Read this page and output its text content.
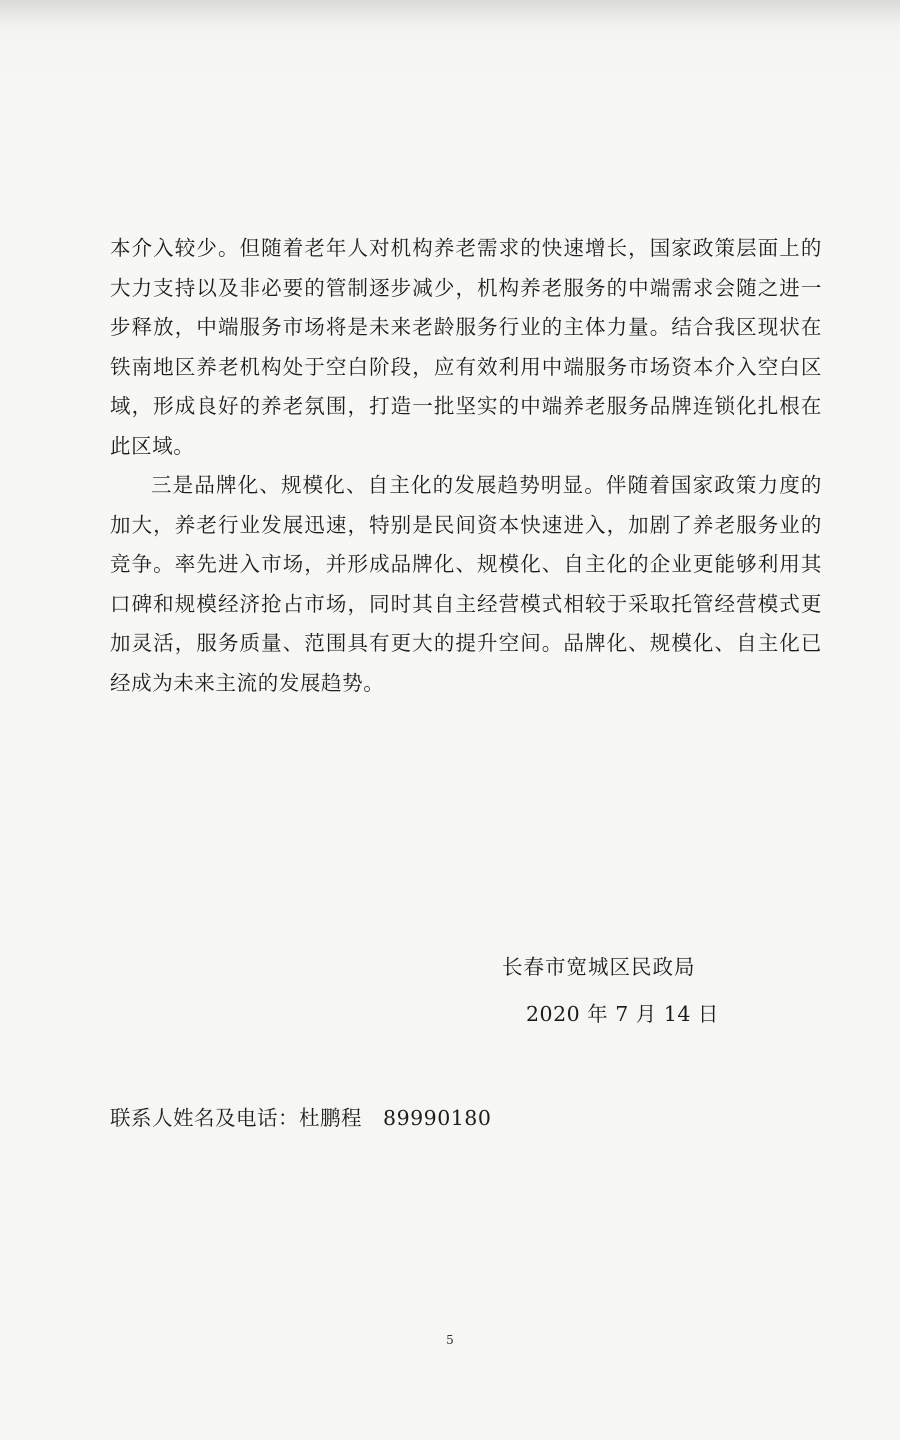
本介入较少。但随着老年人对机构养老需求的快速增长，国家政策层面上的大力支持以及非必要的管制逐步减少，机构养老服务的中端需求会随之进一步释放，中端服务市场将是未来老龄服务行业的主体力量。结合我区现状在铁南地区养老机构处于空白阶段，应有效利用中端服务市场资本介入空白区域，形成良好的养老氛围，打造一批坚实的中端养老服务品牌连锁化扎根在此区域。

三是品牌化、规模化、自主化的发展趋势明显。伴随着国家政策力度的加大，养老行业发展迅速，特别是民间资本快速进入，加剧了养老服务业的竞争。率先进入市场，并形成品牌化、规模化、自主化的企业更能够利用其口碑和规模经济抢占市场，同时其自主经营模式相较于采取托管经营模式更加灵活，服务质量、范围具有更大的提升空间。品牌化、规模化、自主化已经成为未来主流的发展趋势。

长春市宽城区民政局
2020 年 7 月 14 日
联系人姓名及电话：杜鹏程   89990180
5
